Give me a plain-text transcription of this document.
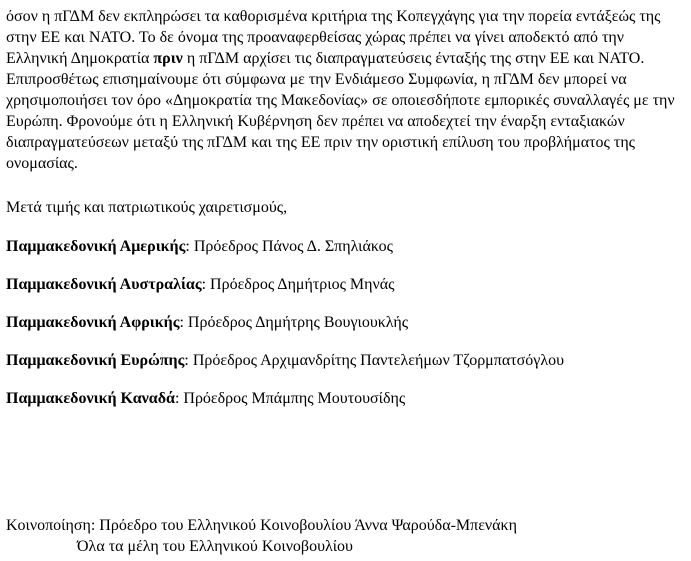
όσον η πΓΔΜ δεν εκπληρώσει τα καθορισμένα κριτήρια της Κοπεγχάγης για την πορεία εντάξεώς της
στην ΕΕ και ΝΑΤΟ. Το δε όνομα της προαναφερθείσας χώρας πρέπει να γίνει αποδεκτό από την
Ελληνική Δημοκρατία πριν η πΓΔΜ αρχίσει τις διαπραγματεύσεις ένταξής της στην ΕΕ και ΝΑΤΟ.
Επιπροσθέτως επισημαίνουμε ότι σύμφωνα με την Ενδιάμεσο Συμφωνία, η πΓΔΜ δεν μπορεί να
χρησιμοποιήσει τον όρο «Δημοκρατία της Μακεδονίας» σε οποιεσδήποτε εμπορικές συναλλαγές με την
Ευρώπη. Φρονούμε ότι η Ελληνική Κυβέρνηση δεν πρέπει να αποδεχτεί την έναρξη ενταξιακών
διαπραγματεύσεων μεταξύ της πΓΔΜ και της ΕΕ πριν την οριστική επίλυση του προβλήματος της
ονομασίας.
Μετά τιμής και πατριωτικούς χαιρετισμούς,
Παμμακεδονική Αμερικής: Πρόεδρος Πάνος Δ. Σπηλιάκος
Παμμακεδονική Αυστραλίας: Πρόεδρος Δημήτριος Μηνάς
Παμμακεδονική Αφρικής: Πρόεδρος Δημήτρης Βουγιουκλής
Παμμακεδονική Ευρώπης: Πρόεδρος Αρχιμανδρίτης Παντελεήμων Τζορμπατσόγλου
Παμμακεδονική Καναδά: Πρόεδρος Μπάμπης Μουτουσίδης
Κοινοποίηση: Πρόεδρο του Ελληνικού Κοινοβουλίου Άννα Ψαρούδα-Μπενάκη
Όλα τα μέλη του Ελληνικού Κοινοβουλίου
